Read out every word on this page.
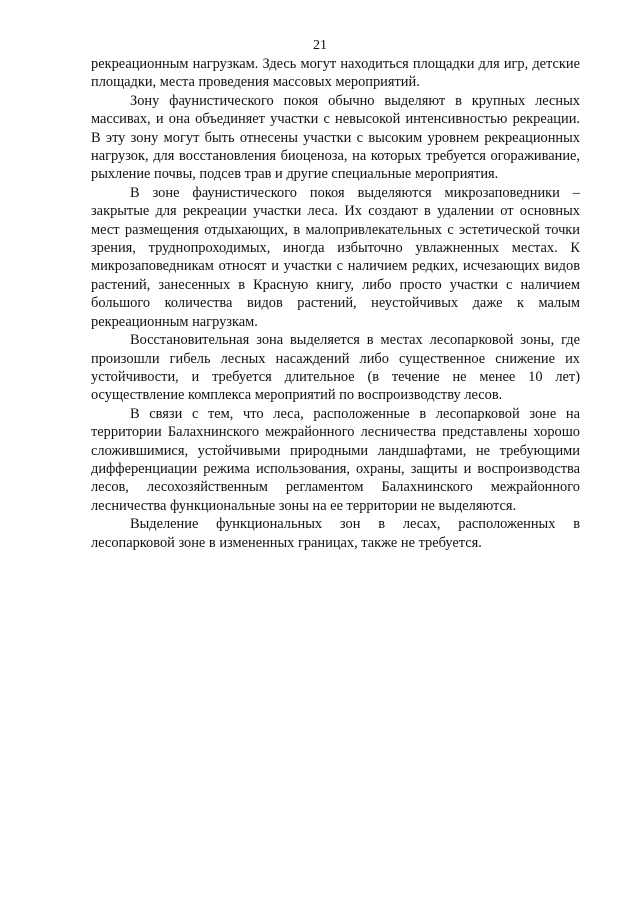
21

рекреационным нагрузкам. Здесь могут находиться площадки для игр, детские площадки, места проведения массовых мероприятий.

Зону фаунистического покоя обычно выделяют в крупных лесных массивах, и она объединяет участки с невысокой интенсивностью рекреации. В эту зону могут быть отнесены участки с высоким уровнем рекреационных нагрузок, для восстановления биоценоза, на которых требуется огораживание, рыхление почвы, подсев трав и другие специальные мероприятия.

В зоне фаунистического покоя выделяются микрозаповедники – закрытые для рекреации участки леса. Их создают в удалении от основных мест размещения отдыхающих, в малопривлекательных с эстетической точки зрения, труднопроходимых, иногда избыточно увлажненных местах. К микрозаповедникам относят и участки с наличием редких, исчезающих видов растений, занесенных в Красную книгу, либо просто участки с наличием большого количества видов растений, неустойчивых даже к малым рекреационным нагрузкам.

Восстановительная зона выделяется в местах лесопарковой зоны, где произошли гибель лесных насаждений либо существенное снижение их устойчивости, и требуется длительное (в течение не менее 10 лет) осуществление комплекса мероприятий по воспроизводству лесов.

В связи с тем, что леса, расположенные в лесопарковой зоне на территории Балахнинского межрайонного лесничества представлены хорошо сложившимися, устойчивыми природными ландшафтами, не требующими дифференциации режима использования, охраны, защиты и воспроизводства лесов, лесохозяйственным регламентом Балахнинского межрайонного лесничества функциональные зоны на ее территории не выделяются.

Выделение функциональных зон в лесах, расположенных в лесопарковой зоне в измененных границах, также не требуется.
